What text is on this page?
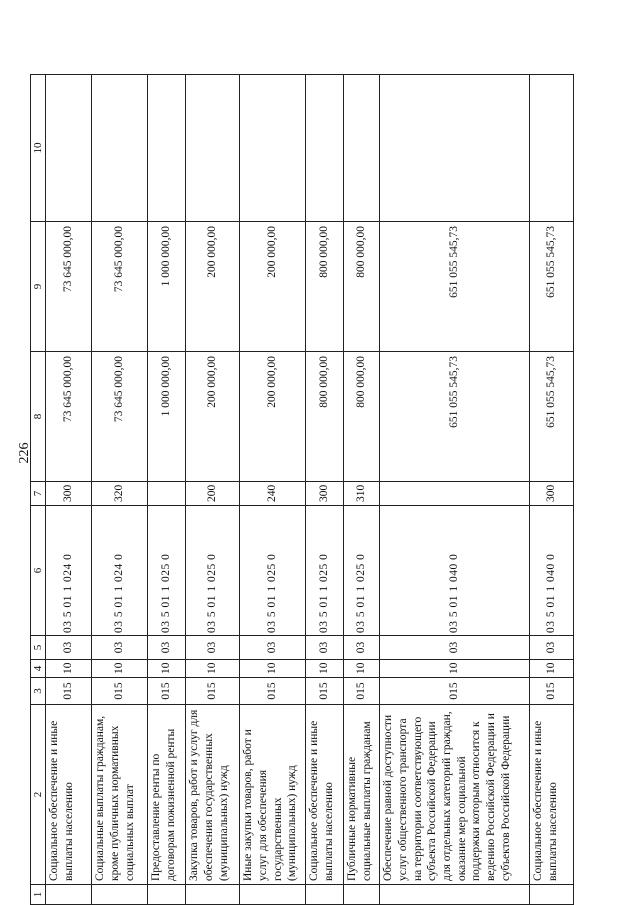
226
1	2	3	4	5	6	7	8	9	10
	Социальное обеспечение и иные выплаты населению	015	10	03	03 5 01 1 024 0	300	73 645 000,00	73 645 000,00	
	Социальные выплаты гражданам, кроме публичных нормативных социальных выплат	015	10	03	03 5 01 1 024 0	320	73 645 000,00	73 645 000,00	
	Предоставление ренты по договорам пожизненной ренты	015	10	03	03 5 01 1 025 0		1 000 000,00	1 000 000,00	
	Закупка товаров, работ и услуг для обеспечения государственных (муниципальных) нужд	015	10	03	03 5 01 1 025 0	200	200 000,00	200 000,00	
	Иные закупки товаров, работ и услуг для обеспечения государственных (муниципальных) нужд	015	10	03	03 5 01 1 025 0	240	200 000,00	200 000,00	
	Социальное обеспечение и иные выплаты населению	015	10	03	03 5 01 1 025 0	300	800 000,00	800 000,00	
	Публичные нормативные социальные выплаты гражданам	015	10	03	03 5 01 1 025 0	310	800 000,00	800 000,00	
	Обеспечение равной доступности услуг общественного транспорта на территории соответствующего субъекта Российской Федерации для отдельных категорий граждан, оказание мер социальной поддержки которым относится к ведению Российской Федерации и субъектов Российской Федерации	015	10	03	03 5 01 1 040 0		651 055 545,73	651 055 545,73	
	Социальное обеспечение и иные выплаты населению	015	10	03	03 5 01 1 040 0	300	651 055 545,73	651 055 545,73	
